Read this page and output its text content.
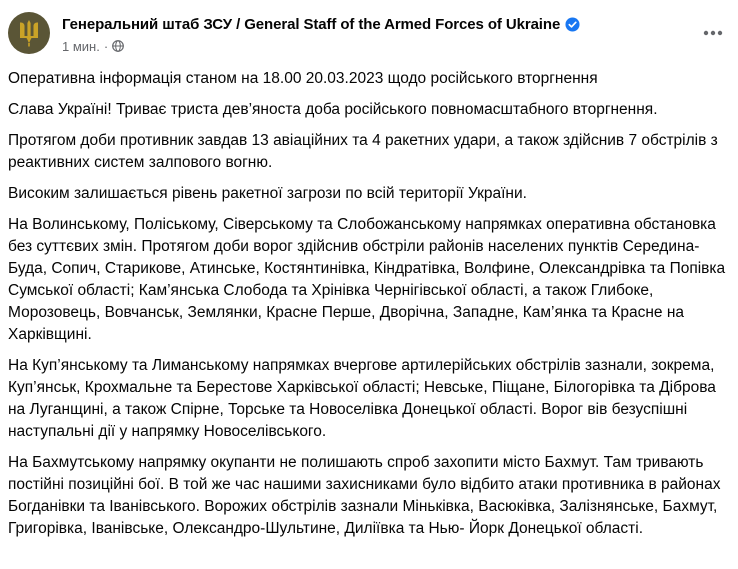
Генеральний штаб ЗСУ / General Staff of the Armed Forces of Ukraine
1 мин. ·

Оперативна інформація станом на 18.00 20.03.2023 щодо російського вторгнення

Слава Україні! Триває триста дев’яноста доба російського повномасштабного вторгнення.

Протягом доби противник завдав 13 авіаційних та 4 ракетних удари, а також здійснив 7 обстрілів з реактивних систем залпового вогню.

Високим залишається рівень ракетної загрози по всій території України.

На Волинському, Поліському, Сіверському та Слобожанському напрямках оперативна обстановка без суттєвих змін. Протягом доби ворог здійснив обстріли районів населених пунктів Середина-Буда, Сопич, Старикове, Атинське, Костянтинівка, Кіндратівка, Волфине, Олександрівка та Попівка Сумської області; Кам’янська Слобода та Хрінівка Чернігівської області, а також Глибоке, Морозовець, Вовчанськ, Землянки, Красне Перше, Дворічна, Западне, Кам’янка та Красне на Харківщині.

На Куп’янському та Лиманському напрямках вчергове артилерійських обстрілів зазнали, зокрема, Куп’янськ, Крохмальне та Берестове Харківської області; Невське, Піщане, Білогорівка та Діброва на Луганщині, а також Спірне, Торське та Новоселівка Донецької області. Ворог вів безуспішні наступальні дії у напрямку Новоселівського.

На Бахмутському напрямку окупанти не полишають спроб захопити місто Бахмут. Там тривають постійні позиційні бої. В той же час нашими захисниками було відбито атаки противника в районах Богданівки та Іванівського. Ворожих обстрілів зазнали Міньківка, Васюківка, Залізнянське, Бахмут, Григорівка, Іванівське, Олександро-Шультине, Диліївка та Нью- Йорк Донецької області.
